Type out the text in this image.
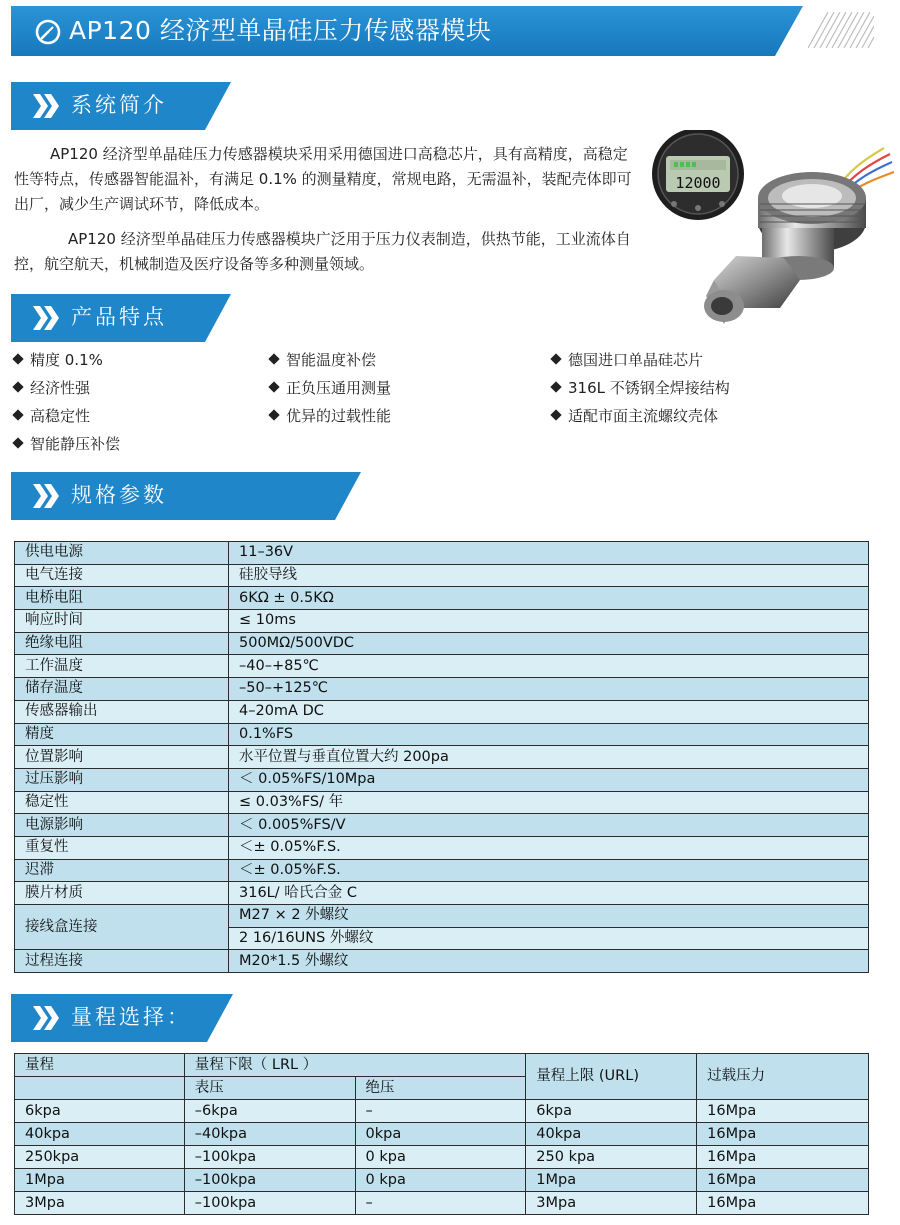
AP120 经济型单晶硅压力传感器模块
系统简介

AP120 经济型单晶硅压力传感器模块采用采用德国进口高稳芯片，具有高精度，高稳定性等特点，传感器智能温补，有满足 0.1% 的测量精度，常规电路，无需温补，装配壳体即可出厂，减少生产调试环节，降低成本。

AP120 经济型单晶硅压力传感器模块广泛用于压力仪表制造，供热节能，工业流体自控，航空航天，机械制造及医疗设备等多种测量领域。

12000
产品特点
精度 0.1%
经济性强
高稳定性
智能静压补偿
智能温度补偿
正负压通用测量
优异的过载性能
德国进口单晶硅芯片
316L 不锈钢全焊接结构
适配市面主流螺纹壳体
规格参数
供电电源	11–36V
电气连接	硅胶导线
电桥电阻	6KΩ ± 0.5KΩ
响应时间	≤ 10ms
绝缘电阻	500MΩ/500VDC
工作温度	–40–+85℃
储存温度	–50–+125℃
传感器输出	4–20mA DC
精度	0.1%FS
位置影响	水平位置与垂直位置大约 200pa
过压影响	＜ 0.05%FS/10Mpa
稳定性	≤ 0.03%FS/ 年
电源影响	＜ 0.005%FS/V
重复性	＜± 0.05%F.S.
迟滞	＜± 0.05%F.S.
膜片材质	316L/ 哈氏合金 C
接线盒连接	M27 × 2 外螺纹
	2 16/16UNS 外螺纹
过程连接	M20*1.5 外螺纹
量程选择：
量程	量程下限（ LRL ）		量程上限 (URL)	过载压力
	表压	绝压		
6kpa	–6kpa	–	6kpa	16Mpa
40kpa	–40kpa	0kpa	40kpa	16Mpa
250kpa	–100kpa	0 kpa	250 kpa	16Mpa
1Mpa	–100kpa	0 kpa	1Mpa	16Mpa
3Mpa	–100kpa	–	3Mpa	16Mpa
